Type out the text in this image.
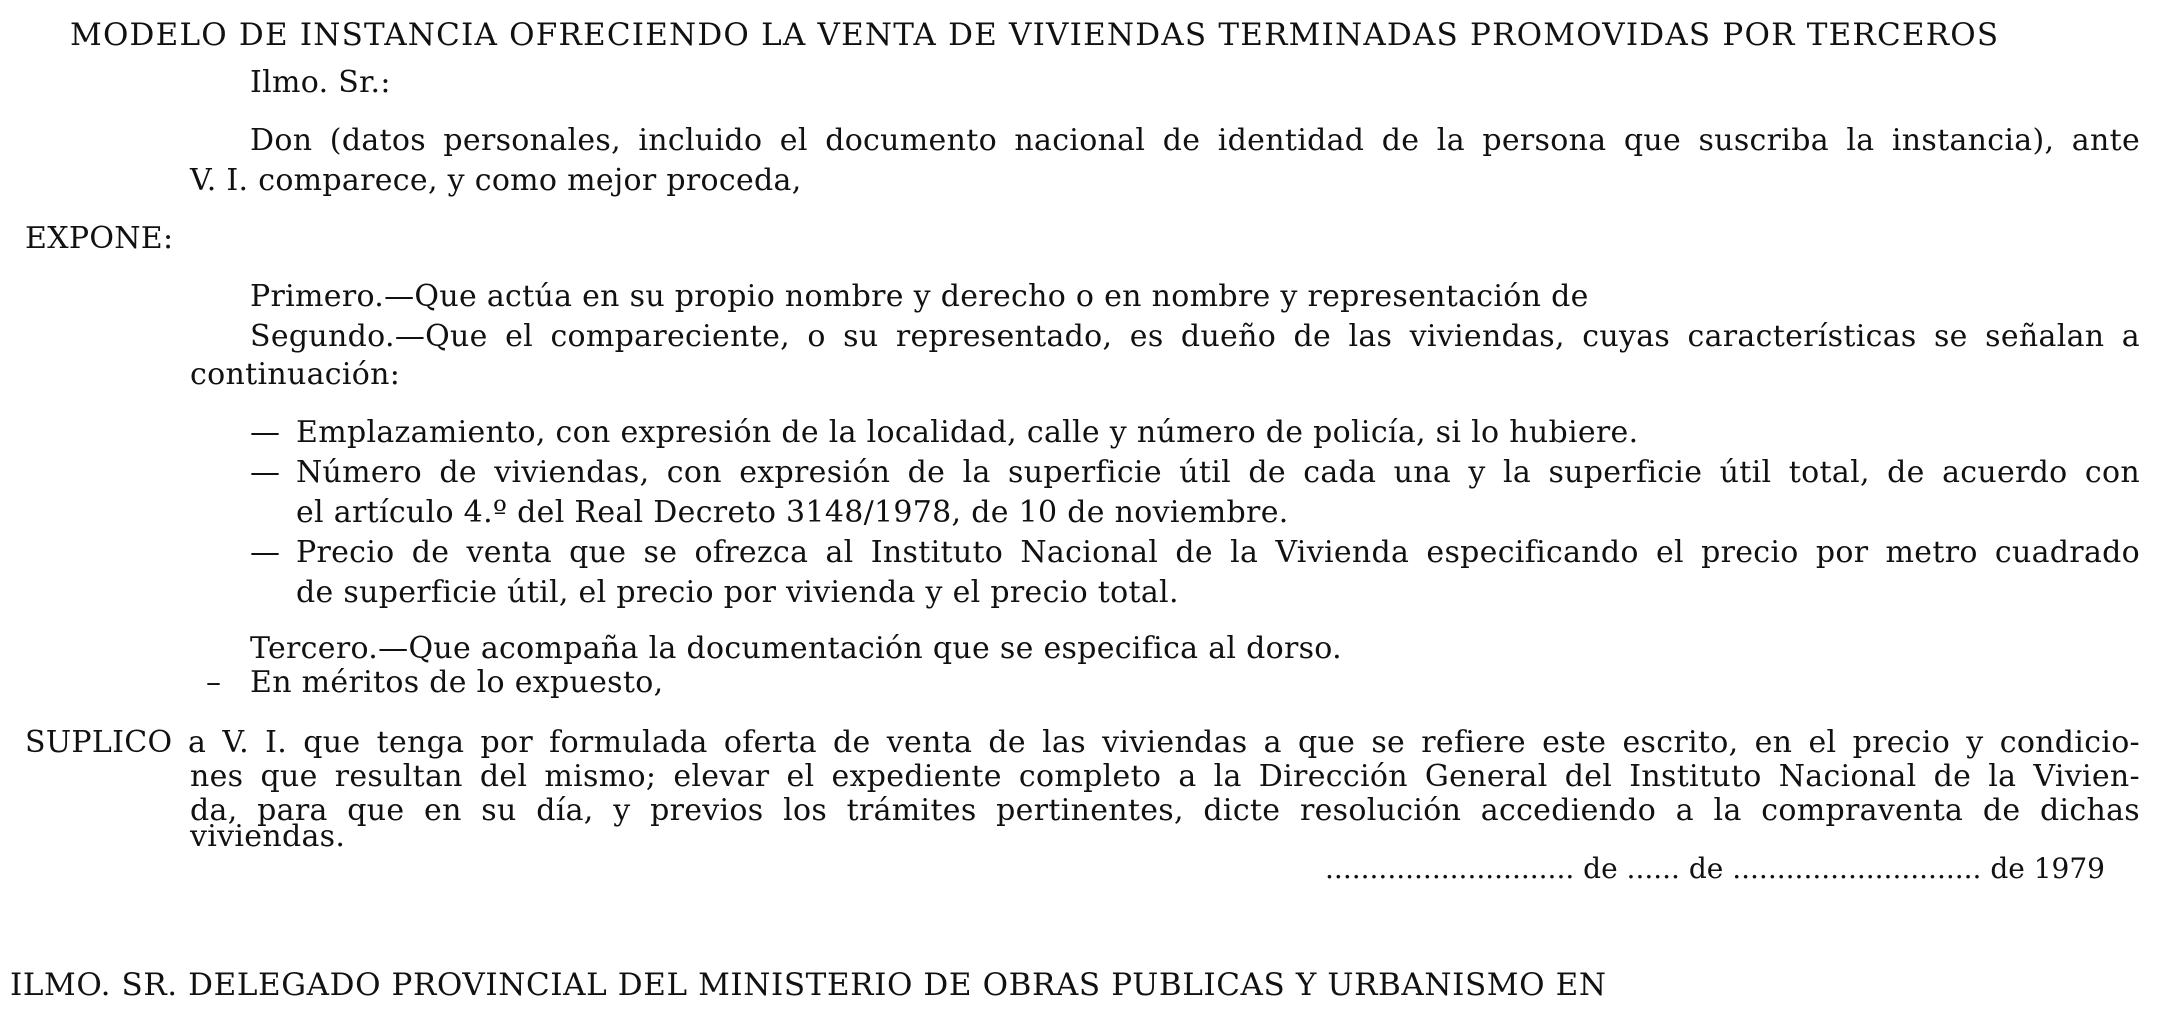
MODELO DE INSTANCIA OFRECIENDO LA VENTA DE VIVIENDAS TERMINADAS PROMOVIDAS POR TERCEROS
Ilmo. Sr.:
Don (datos personales, incluido el documento nacional de identidad de la persona que suscriba la instancia), ante
V. I. comparece, y como mejor proceda,
EXPONE:
Primero.—Que actúa en su propio nombre y derecho o en nombre y representación de
Segundo.—Que el compareciente, o su representado, es dueño de las viviendas, cuyas características se señalan a
continuación:
— Emplazamiento, con expresión de la localidad, calle y número de policía, si lo hubiere.
— Número de viviendas, con expresión de la superficie útil de cada una y la superficie útil total, de acuerdo con
el artículo 4.º del Real Decreto 3148/1978, de 10 de noviembre.
— Precio de venta que se ofrezca al Instituto Nacional de la Vivienda especificando el precio por metro cuadrado
de superficie útil, el precio por vivienda y el precio total.
Tercero.—Que acompaña la documentación que se especifica al dorso.
– En méritos de lo expuesto,
SUPLICO a V. I. que tenga por formulada oferta de venta de las viviendas a que se refiere este escrito, en el precio y condicio-
nes que resultan del mismo; elevar el expediente completo a la Dirección General del Instituto Nacional de la Vivien-
da, para que en su día, y previos los trámites pertinentes, dicte resolución accediendo a la compraventa de dichas
viviendas.
............................ de ...... de ............................ de 1979
ILMO. SR. DELEGADO PROVINCIAL DEL MINISTERIO DE OBRAS PUBLICAS Y URBANISMO EN
